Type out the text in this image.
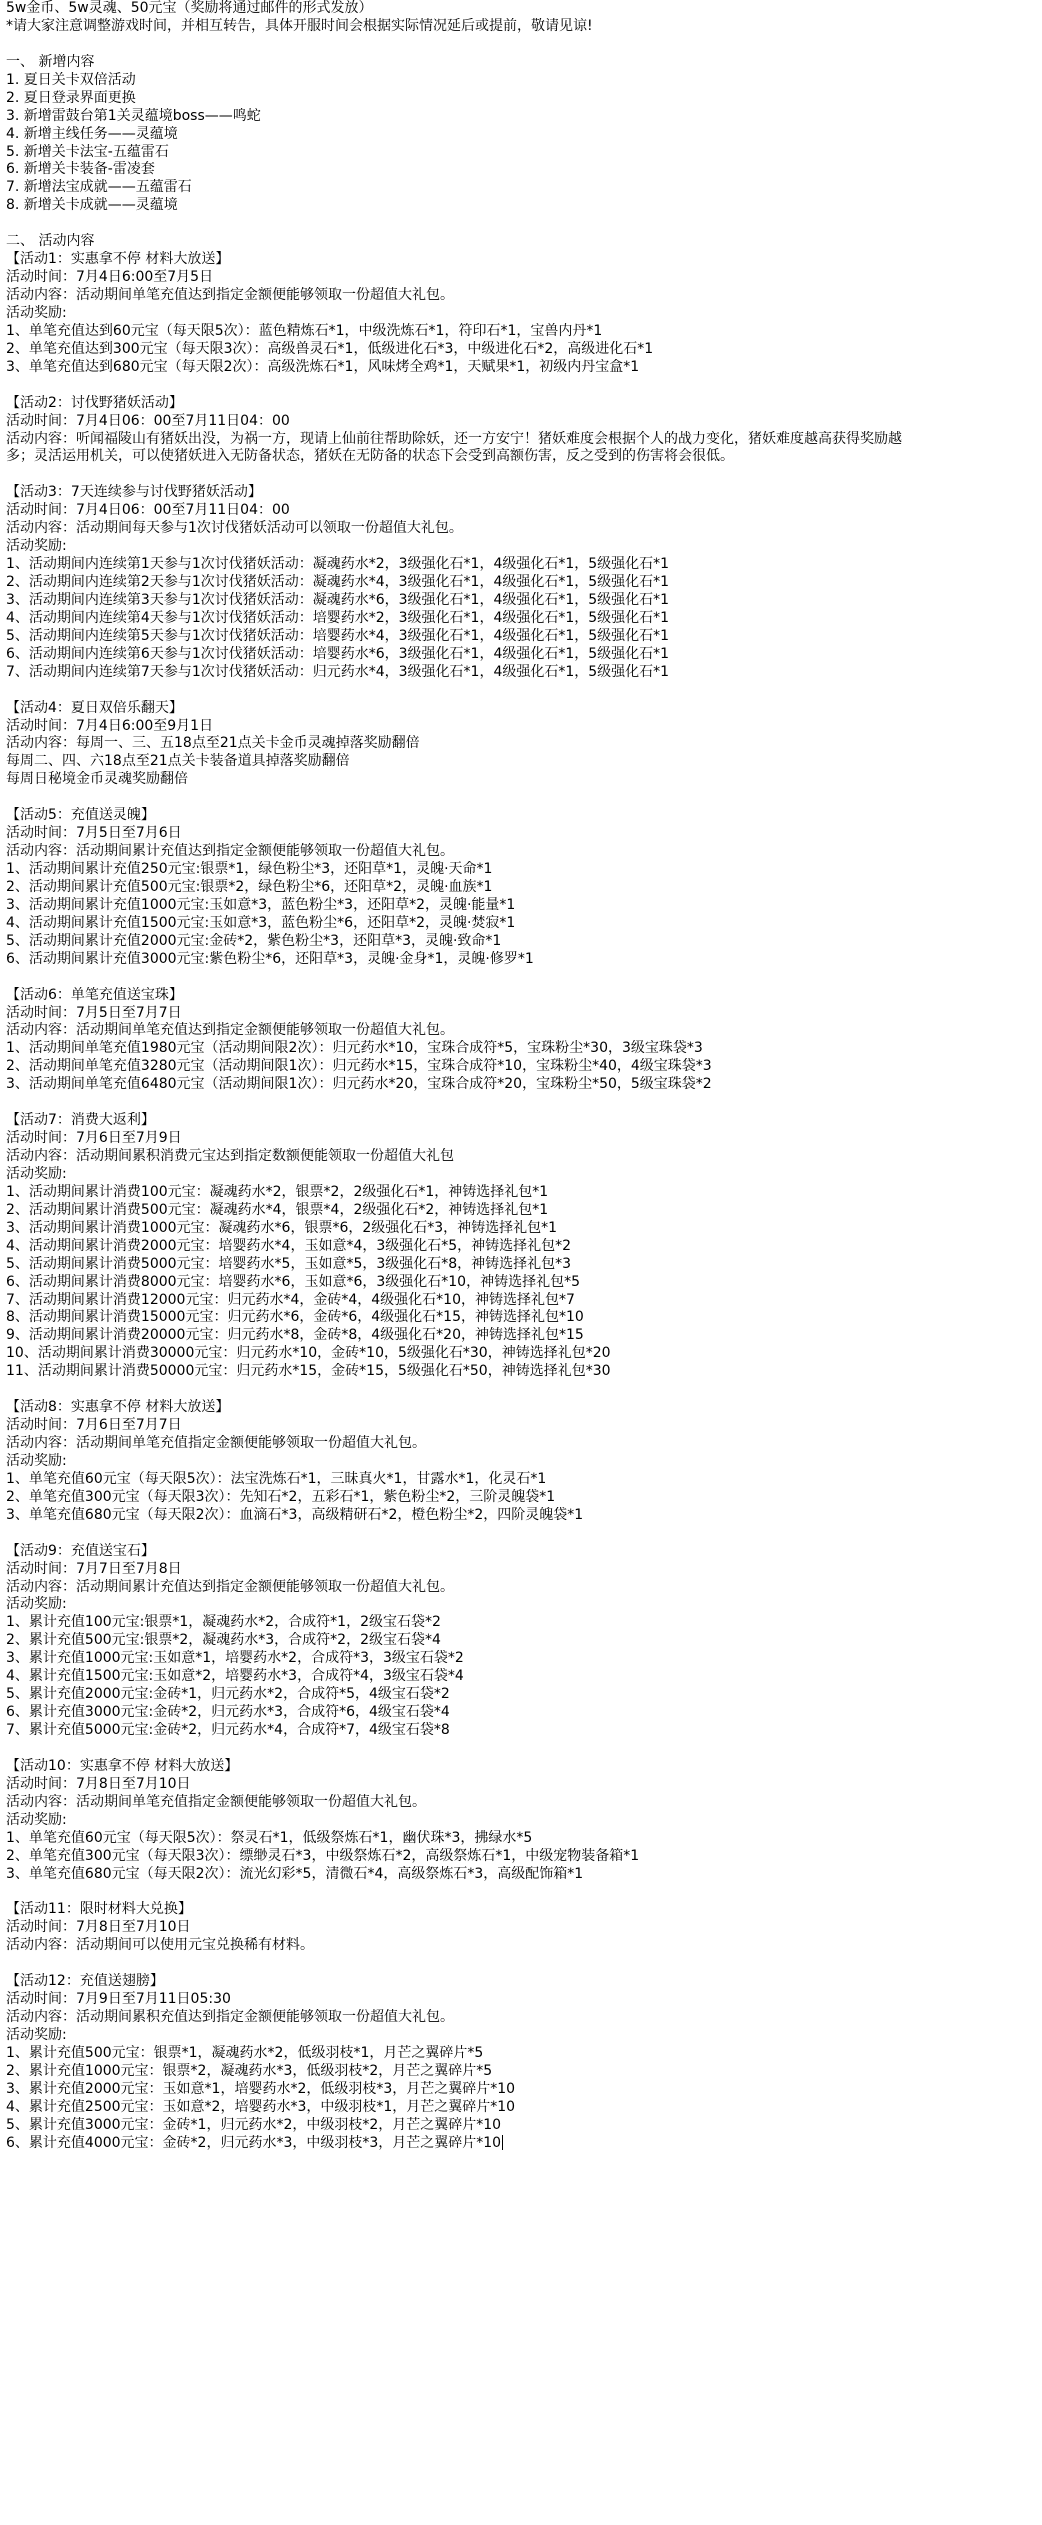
5w金币、5w灵魂、50元宝（奖励将通过邮件的形式发放）
*请大家注意调整游戏时间，并相互转告，具体开服时间会根据实际情况延后或提前，敬请见谅!
一、 新增内容
1. 夏日关卡双倍活动
2. 夏日登录界面更换
3. 新增雷鼓台第1关灵蕴境boss——鸣蛇
4. 新增主线任务——灵蕴境
5. 新增关卡法宝-五蕴雷石
6. 新增关卡装备-雷凌套
7. 新增法宝成就——五蕴雷石
8. 新增关卡成就——灵蕴境
二、 活动内容
【活动1：实惠拿不停 材料大放送】
活动时间：7月4日6:00至7月5日
活动内容：活动期间单笔充值达到指定金额便能够领取一份超值大礼包。
活动奖励:
1、单笔充值达到60元宝（每天限5次）：蓝色精炼石*1，中级洗炼石*1，符印石*1，宝兽内丹*1
2、单笔充值达到300元宝（每天限3次）：高级兽灵石*1，低级进化石*3，中级进化石*2，高级进化石*1
3、单笔充值达到680元宝（每天限2次）：高级洗炼石*1，风味烤全鸡*1，天赋果*1，初级内丹宝盒*1
【活动2：讨伐野猪妖活动】
活动时间：7月4日06：00至7月11日04：00
活动内容：听闻福陵山有猪妖出没，为祸一方，现请上仙前往帮助除妖，还一方安宁！猪妖难度会根据个人的战力变化，猪妖难度越高获得奖励越
多；灵活运用机关，可以使猪妖进入无防备状态，猪妖在无防备的状态下会受到高额伤害，反之受到的伤害将会很低。
【活动3：7天连续参与讨伐野猪妖活动】
活动时间：7月4日06：00至7月11日04：00
活动内容：活动期间每天参与1次讨伐猪妖活动可以领取一份超值大礼包。
活动奖励:
1、活动期间内连续第1天参与1次讨伐猪妖活动：凝魂药水*2，3级强化石*1，4级强化石*1，5级强化石*1
2、活动期间内连续第2天参与1次讨伐猪妖活动：凝魂药水*4，3级强化石*1，4级强化石*1，5级强化石*1
3、活动期间内连续第3天参与1次讨伐猪妖活动：凝魂药水*6，3级强化石*1，4级强化石*1，5级强化石*1
4、活动期间内连续第4天参与1次讨伐猪妖活动：培婴药水*2，3级强化石*1，4级强化石*1，5级强化石*1
5、活动期间内连续第5天参与1次讨伐猪妖活动：培婴药水*4，3级强化石*1，4级强化石*1，5级强化石*1
6、活动期间内连续第6天参与1次讨伐猪妖活动：培婴药水*6，3级强化石*1，4级强化石*1，5级强化石*1
7、活动期间内连续第7天参与1次讨伐猪妖活动：归元药水*4，3级强化石*1，4级强化石*1，5级强化石*1
【活动4：夏日双倍乐翻天】
活动时间：7月4日6:00至9月1日
活动内容：每周一、三、五18点至21点关卡金币灵魂掉落奖励翻倍
每周二、四、六18点至21点关卡装备道具掉落奖励翻倍
每周日秘境金币灵魂奖励翻倍
【活动5：充值送灵魄】
活动时间：7月5日至7月6日
活动内容：活动期间累计充值达到指定金额便能够领取一份超值大礼包。
1、活动期间累计充值250元宝:银票*1，绿色粉尘*3，还阳草*1，灵魄·天命*1
2、活动期间累计充值500元宝:银票*2，绿色粉尘*6，还阳草*2，灵魄·血族*1
3、活动期间累计充值1000元宝:玉如意*3，蓝色粉尘*3，还阳草*2，灵魄·能量*1
4、活动期间累计充值1500元宝:玉如意*3，蓝色粉尘*6，还阳草*2，灵魄·焚寂*1
5、活动期间累计充值2000元宝:金砖*2，紫色粉尘*3，还阳草*3，灵魄·致命*1
6、活动期间累计充值3000元宝:紫色粉尘*6，还阳草*3，灵魄·金身*1，灵魄·修罗*1
【活动6：单笔充值送宝珠】
活动时间：7月5日至7月7日
活动内容：活动期间单笔充值达到指定金额便能够领取一份超值大礼包。
1、活动期间单笔充值1980元宝（活动期间限2次）：归元药水*10，宝珠合成符*5，宝珠粉尘*30，3级宝珠袋*3
2、活动期间单笔充值3280元宝（活动期间限1次）：归元药水*15，宝珠合成符*10，宝珠粉尘*40，4级宝珠袋*3
3、活动期间单笔充值6480元宝（活动期间限1次）：归元药水*20，宝珠合成符*20，宝珠粉尘*50，5级宝珠袋*2
【活动7：消费大返利】
活动时间：7月6日至7月9日
活动内容：活动期间累积消费元宝达到指定数额便能领取一份超值大礼包
活动奖励:
1、活动期间累计消费100元宝：凝魂药水*2，银票*2，2级强化石*1，神铸选择礼包*1
2、活动期间累计消费500元宝：凝魂药水*4，银票*4，2级强化石*2，神铸选择礼包*1
3、活动期间累计消费1000元宝：凝魂药水*6，银票*6，2级强化石*3，神铸选择礼包*1
4、活动期间累计消费2000元宝：培婴药水*4，玉如意*4，3级强化石*5，神铸选择礼包*2
5、活动期间累计消费5000元宝：培婴药水*5，玉如意*5，3级强化石*8，神铸选择礼包*3
6、活动期间累计消费8000元宝：培婴药水*6，玉如意*6，3级强化石*10，神铸选择礼包*5
7、活动期间累计消费12000元宝：归元药水*4，金砖*4，4级强化石*10，神铸选择礼包*7
8、活动期间累计消费15000元宝：归元药水*6，金砖*6，4级强化石*15，神铸选择礼包*10
9、活动期间累计消费20000元宝：归元药水*8，金砖*8，4级强化石*20，神铸选择礼包*15
10、活动期间累计消费30000元宝：归元药水*10，金砖*10，5级强化石*30，神铸选择礼包*20
11、活动期间累计消费50000元宝：归元药水*15，金砖*15，5级强化石*50，神铸选择礼包*30
【活动8：实惠拿不停 材料大放送】
活动时间：7月6日至7月7日
活动内容：活动期间单笔充值指定金额便能够领取一份超值大礼包。
活动奖励:
1、单笔充值60元宝（每天限5次）：法宝洗炼石*1，三昧真火*1，甘露水*1，化灵石*1
2、单笔充值300元宝（每天限3次）：先知石*2，五彩石*1，紫色粉尘*2，三阶灵魄袋*1
3、单笔充值680元宝（每天限2次）：血滴石*3，高级精研石*2，橙色粉尘*2，四阶灵魄袋*1
【活动9：充值送宝石】
活动时间：7月7日至7月8日
活动内容：活动期间累计充值达到指定金额便能够领取一份超值大礼包。
活动奖励:
1、累计充值100元宝:银票*1，凝魂药水*2，合成符*1，2级宝石袋*2
2、累计充值500元宝:银票*2，凝魂药水*3，合成符*2，2级宝石袋*4
3、累计充值1000元宝:玉如意*1，培婴药水*2，合成符*3，3级宝石袋*2
4、累计充值1500元宝:玉如意*2，培婴药水*3，合成符*4，3级宝石袋*4
5、累计充值2000元宝:金砖*1，归元药水*2，合成符*5，4级宝石袋*2
6、累计充值3000元宝:金砖*2，归元药水*3，合成符*6，4级宝石袋*4
7、累计充值5000元宝:金砖*2，归元药水*4，合成符*7，4级宝石袋*8
【活动10：实惠拿不停 材料大放送】
活动时间：7月8日至7月10日
活动内容：活动期间单笔充值指定金额便能够领取一份超值大礼包。
活动奖励:
1、单笔充值60元宝（每天限5次）：祭灵石*1，低级祭炼石*1，幽伏珠*3，拂绿水*5
2、单笔充值300元宝（每天限3次）：缥缈灵石*3，中级祭炼石*2，高级祭炼石*1，中级宠物装备箱*1
3、单笔充值680元宝（每天限2次）：流光幻彩*5，清微石*4，高级祭炼石*3，高级配饰箱*1
【活动11：限时材料大兑换】
活动时间：7月8日至7月10日
活动内容：活动期间可以使用元宝兑换稀有材料。
【活动12：充值送翅膀】
活动时间：7月9日至7月11日05:30
活动内容：活动期间累积充值达到指定金额便能够领取一份超值大礼包。
活动奖励:
1、累计充值500元宝：银票*1，凝魂药水*2，低级羽枝*1，月芒之翼碎片*5
2、累计充值1000元宝：银票*2，凝魂药水*3，低级羽枝*2，月芒之翼碎片*5
3、累计充值2000元宝：玉如意*1，培婴药水*2，低级羽枝*3，月芒之翼碎片*10
4、累计充值2500元宝：玉如意*2，培婴药水*3，中级羽枝*1，月芒之翼碎片*10
5、累计充值3000元宝：金砖*1，归元药水*2，中级羽枝*2，月芒之翼碎片*10
6、累计充值4000元宝：金砖*2，归元药水*3，中级羽枝*3，月芒之翼碎片*10
